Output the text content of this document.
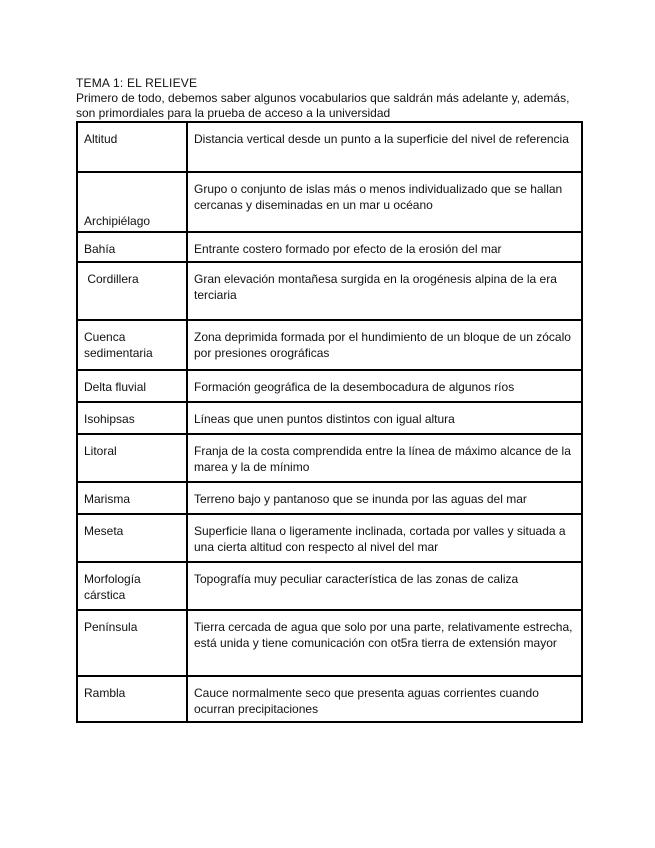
TEMA 1: EL RELIEVE

Primero de todo, debemos saber algunos vocabularios que saldrán más adelante y, además, son primordiales para la prueba de acceso a la universidad

Altitud	Distancia vertical desde un punto a la superficie del nivel de referencia
Archipiélago	Grupo o conjunto de islas más o menos individualizado que se hallan cercanas y diseminadas en un mar u océano
Bahía	Entrante costero formado por efecto de la erosión del mar
Cordillera	Gran elevación montañesa surgida en la orogénesis alpina de la era terciaria
Cuenca sedimentaria	Zona deprimida formada por el hundimiento de un bloque de un zócalo por presiones orográficas
Delta fluvial	Formación geográfica de la desembocadura de algunos ríos
Isohipsas	Líneas que unen puntos distintos con igual altura
Litoral	Franja de la costa comprendida entre la línea de máximo alcance de la marea y la de mínimo
Marisma	Terreno bajo y pantanoso que se inunda por las aguas del mar
Meseta	Superficie llana o ligeramente inclinada, cortada por valles y situada a una cierta altitud con respecto al nivel del mar
Morfología cárstica	Topografía muy peculiar característica de las zonas de caliza
Península	Tierra cercada de agua que solo por una parte, relativamente estrecha, está unida y tiene comunicación con ot5ra tierra de extensión mayor
Rambla	Cauce normalmente seco que presenta aguas corrientes cuando ocurran precipitaciones
